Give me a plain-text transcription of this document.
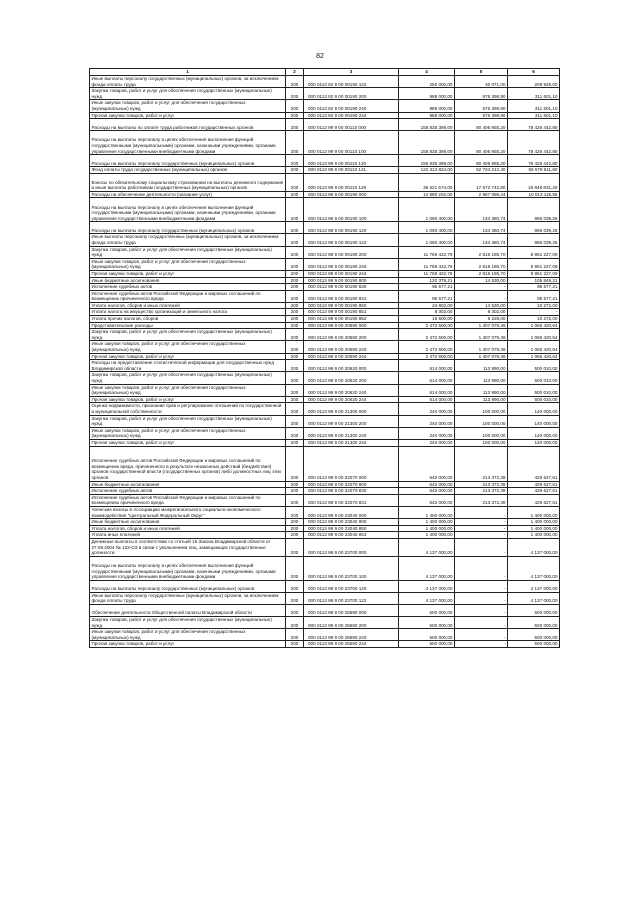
82
1	2	3	4	5	6
Иные выплаты персоналу государственных (муниципальных) органов, за исключением фонда оплаты труда	200	000 0113 92 9 00 00190 122	250 000,00	40 071,00	209 929,00
Закупка товаров, работ и услуг для обеспечения государственных (муниципальных) нужд	200	000 0113 92 9 00 00190 200	988 000,00	676 398,90	311 601,10
Иные закупки товаров, работ и услуг для обеспечения государственных (муниципальных) нужд	200	000 0113 92 9 00 00190 240	988 000,00	676 398,90	311 601,10
Прочая закупка товаров, работ и услуг	200	000 0113 92 9 00 00190 244	988 000,00	676 398,90	311 601,10
Расходы на выплаты по оплате труда работников государственных органов	200	000 0113 99 9 00 00110 000	158 835 398,00	80 406 955,20	78 428 442,80
Расходы на выплаты персоналу в целях обеспечения выполнения функций государственными (муниципальными) органами, казенными учреждениями, органами управления государственными внебюджетными фондами	200	000 0113 99 9 00 00110 100	158 835 398,00	80 406 955,20	78 428 442,80
Расходы на выплаты персоналу государственных (муниципальных) органов	200	000 0113 99 9 00 00110 120	158 835 398,00	80 406 955,20	78 428 442,80
Фонд оплаты труда государственных (муниципальных) органов	200	000 0113 99 9 00 00110 121	122 313 824,00	62 734 212,40	59 579 611,60
Взносы по обязательному социальному страхованию на выплаты денежного содержания и иные выплаты работникам государственных (муниципальных) органов	200	000 0113 99 9 00 00110 129	36 521 574,00	17 672 742,80	18 848 831,20
Расходы на обеспечение деятельности (оказание услуг)	200	000 0113 99 9 00 00190 000	12 980 202,00	2 967 086,44	10 013 115,56
Расходы на выплаты персоналу в целях обеспечения выполнения функций государственными (муниципальными) органами, казенными учреждениями, органами управления государственными внебюджетными фондами	200	000 0113 99 9 00 00190 100	1 090 400,00	134 360,74	956 039,26
Расходы на выплаты персоналу государственных (муниципальных) органов	200	000 0113 99 9 00 00190 120	1 090 400,00	134 360,74	956 039,26
Иные выплаты персоналу государственных (муниципальных) органов, за исключением фонда оплаты труда	200	000 0113 99 9 00 00190 122	1 090 400,00	134 360,74	956 039,26
Закупка товаров, работ и услуг для обеспечения государственных (муниципальных) нужд	200	000 0113 99 9 00 00190 200	11 769 422,79	2 818 195,70	8 951 227,09
Иные закупки товаров, работ и услуг для обеспечения государственных (муниципальных) нужд	200	000 0113 99 9 00 00190 240	11 769 422,79	2 818 195,70	8 951 227,09
Прочая закупка товаров, работ и услуг	200	000 0113 99 9 00 00190 244	11 769 422,79	2 818 195,70	8 951 227,09
Иные бюджетные ассигнования	200	000 0113 99 9 00 00190 800	120 379,21	14 530,00	105 849,21
Исполнение судебных актов	200	000 0113 99 9 00 00190 830	95 577,21	-	95 577,21
Исполнение судебных актов Российской Федерации и мировых соглашений по возмещению причиненного вреда	200	000 0113 99 9 00 00190 831	95 577,21	-	95 577,21
Уплата налогов, сборов и иных платежей	200	000 0113 99 9 00 00190 850	24 802,00	14 530,00	10 272,00
Уплата налога на имущество организаций и земельного налога	200	000 0113 99 9 00 00190 851	8 302,00	8 302,00	-
Уплата прочих налогов, сборов	200	000 0113 99 9 00 00190 852	16 500,00	6 228,00	10 272,00
Представительские расходы	200	000 0113 99 9 00 20590 000	2 472 500,00	1 407 079,36	1 065 420,64
Закупка товаров, работ и услуг для обеспечения государственных (муниципальных) нужд	200	000 0113 99 9 00 20590 200	2 472 500,00	1 407 079,36	1 065 420,64
Иные закупки товаров, работ и услуг для обеспечения государственных (муниципальных) нужд	200	000 0113 99 9 00 20590 240	2 472 500,00	1 407 079,36	1 065 420,64
Прочая закупка товаров, работ и услуг	200	000 0113 99 9 00 20590 244	2 472 500,00	1 407 079,36	1 065 420,64
Расходы на предоставление статистической информации для государственных нужд Владимирской области	200	000 0113 99 9 00 20620 000	614 000,00	113 990,00	500 010,00
Закупка товаров, работ и услуг для обеспечения государственных (муниципальных) нужд	200	000 0113 99 9 00 20620 200	614 000,00	113 990,00	500 010,00
Иные закупки товаров, работ и услуг для обеспечения государственных (муниципальных) нужд	200	000 0113 99 9 00 20620 240	614 000,00	113 990,00	500 010,00
Прочая закупка товаров, работ и услуг	200	000 0113 99 9 00 20620 244	614 000,00	113 990,00	500 010,00
Оценка недвижимости, признание прав и регулирование отношений по государственной и муниципальной собственности	200	000 0113 99 9 00 21300 000	240 000,00	100 000,00	140 000,00
Закупка товаров, работ и услуг для обеспечения государственных (муниципальных) нужд	200	000 0113 99 9 00 21300 200	240 000,00	100 000,00	140 000,00
Иные закупки товаров, работ и услуг для обеспечения государственных (муниципальных) нужд	200	000 0113 99 9 00 21300 240	240 000,00	100 000,00	140 000,00
Прочая закупка товаров, работ и услуг	200	000 0113 99 9 00 21300 244	240 000,00	100 000,00	140 000,00
Исполнение судебных актов Российской Федерации и мировых соглашений по возмещению вреда, причиненного в результате незаконных действий (бездействия) органов государственной власти (государственных органов) либо должностных лиц этих органов	200	000 0113 99 9 00 22070 000	642 000,00	213 372,39	428 627,61
Иные бюджетные ассигнования	200	000 0113 99 9 00 22070 800	642 000,00	213 372,39	428 627,61
Исполнение судебных актов	200	000 0113 99 9 00 22070 830	642 000,00	213 372,39	428 627,61
Исполнение судебных актов Российской Федерации и мировых соглашений по возмещению причиненного вреда	200	000 0113 99 9 00 22070 831	642 000,00	213 372,39	428 627,61
Членские взносы в Ассоциацию межрегионального социально-экономического взаимодействия "Центральный Федеральный Округ"	200	000 0113 99 9 00 23040 000	1 400 000,00	-	1 400 000,00
Иные бюджетные ассигнования	200	000 0113 99 9 00 23040 800	1 400 000,00	-	1 400 000,00
Уплата налогов, сборов и иных платежей	200	000 0113 99 9 00 23040 850	1 400 000,00	-	1 400 000,00
Уплата иных платежей	200	000 0113 99 9 00 23040 853	1 400 000,00	-	1 400 000,00
Денежные выплаты в соответствии со статьей 15 Закона Владимирской области от 27.08.2004 № 133-ОЗ в связи с увольнением лиц, замещающих государственные должности	200	000 0113 99 9 00 23700 000	4 137 000,00	-	4 137 000,00
Расходы на выплаты персоналу в целях обеспечения выполнения функций государственными (муниципальными) органами, казенными учреждениями, органами управления государственными внебюджетными фондами	200	000 0113 99 9 00 23700 100	4 137 000,00	-	4 137 000,00
Расходы на выплаты персоналу государственных (муниципальных) органов	200	000 0113 99 9 00 23700 120	4 137 000,00	-	4 137 000,00
Иные выплаты персоналу государственных (муниципальных) органов, за исключением фонда оплаты труда	200	000 0113 99 9 00 23700 122	4 137 000,00	-	4 137 000,00
Обеспечение деятельности Общественной палаты Владимирской области	200	000 0113 99 9 00 25590 000	500 000,00	-	500 000,00
Закупка товаров, работ и услуг для обеспечения государственных (муниципальных) нужд	200	000 0113 99 9 00 25590 200	500 000,00	-	500 000,00
Иные закупки товаров, работ и услуг для обеспечения государственных (муниципальных) нужд	200	000 0113 99 9 00 25590 240	500 000,00	-	500 000,00
Прочая закупка товаров, работ и услуг	200	000 0113 99 9 00 25590 244	500 000,00	-	500 000,00
